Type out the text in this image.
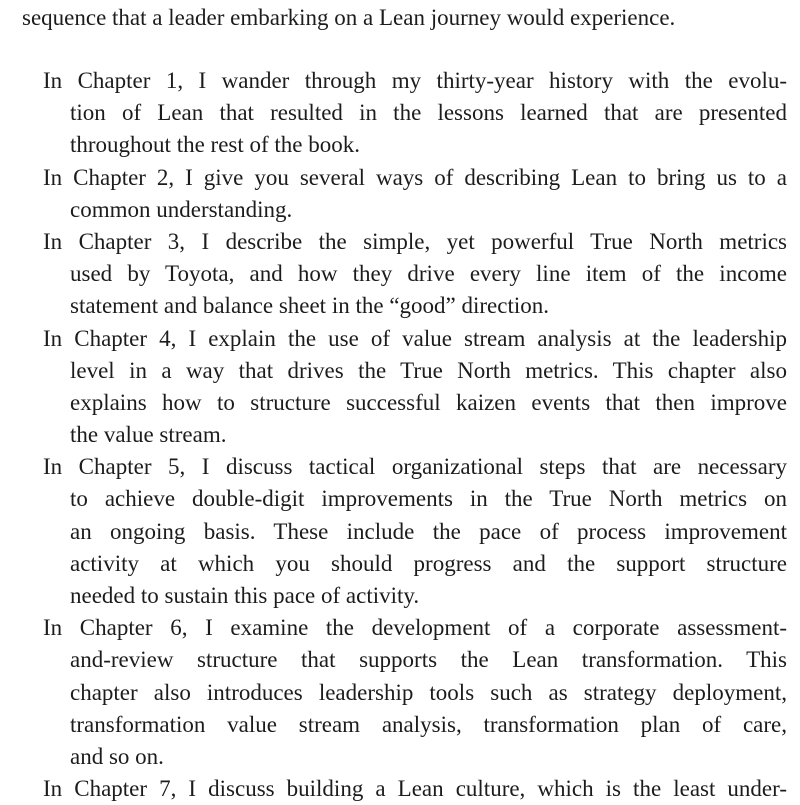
sequence that a leader embarking on a Lean journey would experience.
In Chapter 1, I wander through my thirty-year history with the evolu-
tion of Lean that resulted in the lessons learned that are presented
throughout the rest of the book.
In Chapter 2, I give you several ways of describing Lean to bring us to a
common understanding.
In Chapter 3, I describe the simple, yet powerful True North metrics
used by Toyota, and how they drive every line item of the income
statement and balance sheet in the “good” direction.
In Chapter 4, I explain the use of value stream analysis at the leadership
level in a way that drives the True North metrics. This chapter also
explains how to structure successful kaizen events that then improve
the value stream.
In Chapter 5, I discuss tactical organizational steps that are necessary
to achieve double-digit improvements in the True North metrics on
an ongoing basis. These include the pace of process improvement
activity at which you should progress and the support structure
needed to sustain this pace of activity.
In Chapter 6, I examine the development of a corporate assessment-
and-review structure that supports the Lean transformation. This
chapter also introduces leadership tools such as strategy deployment,
transformation value stream analysis, transformation plan of care,
and so on.
In Chapter 7, I discuss building a Lean culture, which is the least under-
